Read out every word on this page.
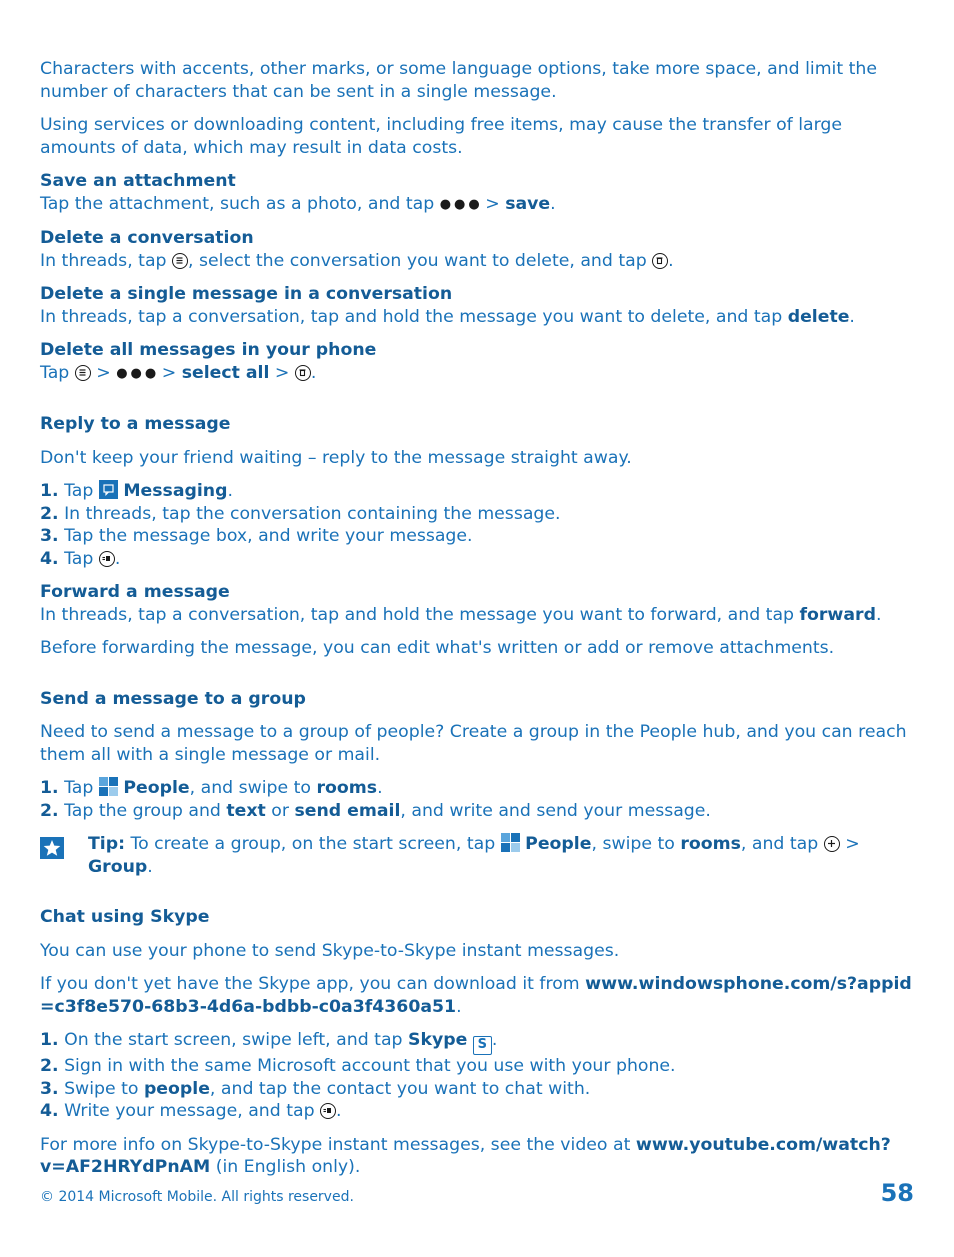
Characters with accents, other marks, or some language options, take more space, and limit the number of characters that can be sent in a single message.

Using services or downloading content, including free items, may cause the transfer of large amounts of data, which may result in data costs.

Save an attachment

Tap the attachment, such as a photo, and tap ●●● > save.

Delete a conversation

In threads, tap
, select the conversation you want to delete, and tap
.

Delete a single message in a conversation

In threads, tap a conversation, tap and hold the message you want to delete, and tap delete.

Delete all messages in your phone

Tap
> ●●● > select all >
.

Reply to a message

Don't keep your friend waiting – reply to the message straight away.

1. Tap  Messaging.

2. In threads, tap the conversation containing the message.

3. Tap the message box, and write your message.

4. Tap
.

Forward a message

In threads, tap a conversation, tap and hold the message you want to forward, and tap forward.

Before forwarding the message, you can edit what's written or add or remove attachments.

Send a message to a group

Need to send a message to a group of people? Create a group in the People hub, and you can reach them all with a single message or mail.

1. Tap  People, and swipe to rooms.

2. Tap the group and text or send email, and write and send your message.

Tip: To create a group, on the start screen, tap  People, swipe to rooms, and tap
> Group.

Chat using Skype

You can use your phone to send Skype-to-Skype instant messages.

If you don't yet have the Skype app, you can download it from www.windowsphone.com/s?appid=c3f8e570-68b3-4d6a-bdbb-c0a3f4360a51.

1. On the start screen, swipe left, and tap Skype S .

2. Sign in with the same Microsoft account that you use with your phone.

3. Swipe to people, and tap the contact you want to chat with.

4. Write your message, and tap
.

For more info on Skype-to-Skype instant messages, see the video at www.youtube.com/watch?v=AF2HRYdPnAM (in English only).

© 2014 Microsoft Mobile. All rights reserved.	58
